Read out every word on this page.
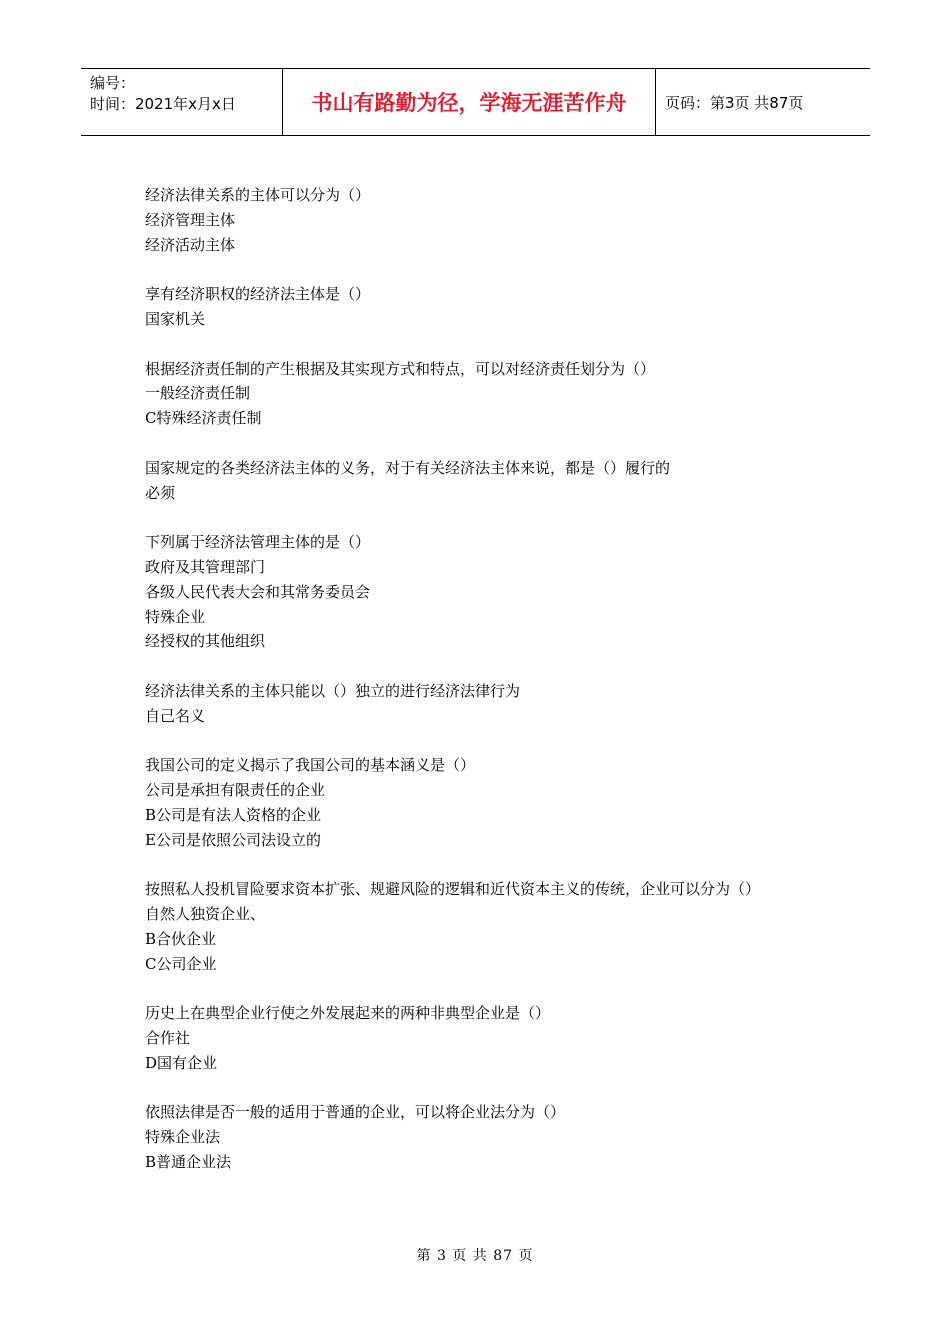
编号：
时间：2021年x月x日	书山有路勤为径，学海无涯苦作舟	页码：第3页 共87页
经济法律关系的主体可以分为（）
经济管理主体
经济活动主体
享有经济职权的经济法主体是（）
国家机关
根据经济责任制的产生根据及其实现方式和特点，可以对经济责任划分为（）
一般经济责任制
C特殊经济责任制
国家规定的各类经济法主体的义务，对于有关经济法主体来说，都是（）履行的
必须
下列属于经济法管理主体的是（）
政府及其管理部门
各级人民代表大会和其常务委员会
特殊企业
经授权的其他组织
经济法律关系的主体只能以（）独立的进行经济法律行为
自己名义
我国公司的定义揭示了我国公司的基本涵义是（）
公司是承担有限责任的企业
B公司是有法人资格的企业
E公司是依照公司法设立的
按照私人投机冒险要求资本扩张、规避风险的逻辑和近代资本主义的传统，企业可以分为（）
自然人独资企业、
B合伙企业
C公司企业
历史上在典型企业行使之外发展起来的两种非典型企业是（）
合作社
D国有企业
依照法律是否一般的适用于普通的企业，可以将企业法分为（）
特殊企业法
B普通企业法
第 3 页 共 87 页
